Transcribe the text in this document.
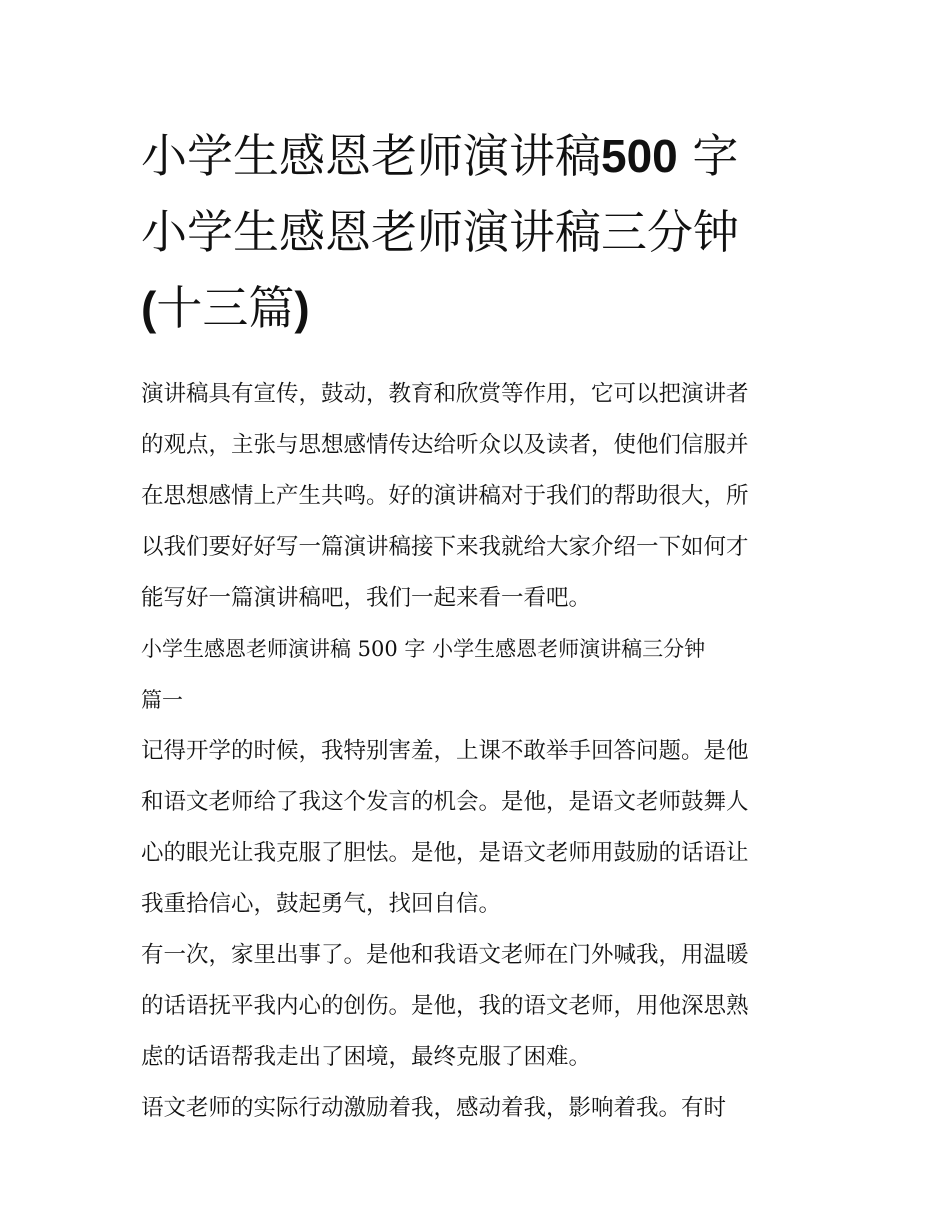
小学生感恩老师演讲稿500 字
小学生感恩老师演讲稿三分钟
(十三篇)

演讲稿具有宣传，鼓动，教育和欣赏等作用，它可以把演讲者
的观点，主张与思想感情传达给听众以及读者，使他们信服并
在思想感情上产生共鸣。好的演讲稿对于我们的帮助很大，所
以我们要好好写一篇演讲稿接下来我就给大家介绍一下如何才
能写好一篇演讲稿吧，我们一起来看一看吧。

小学生感恩老师演讲稿 500 字 小学生感恩老师演讲稿三分钟
篇一

记得开学的时候，我特别害羞，上课不敢举手回答问题。是他
和语文老师给了我这个发言的机会。是他，是语文老师鼓舞人
心的眼光让我克服了胆怯。是他，是语文老师用鼓励的话语让
我重拾信心，鼓起勇气，找回自信。

有一次，家里出事了。是他和我语文老师在门外喊我，用温暖
的话语抚平我内心的创伤。是他，我的语文老师，用他深思熟
虑的话语帮我走出了困境，最终克服了困难。

语文老师的实际行动激励着我，感动着我，影响着我。有时
